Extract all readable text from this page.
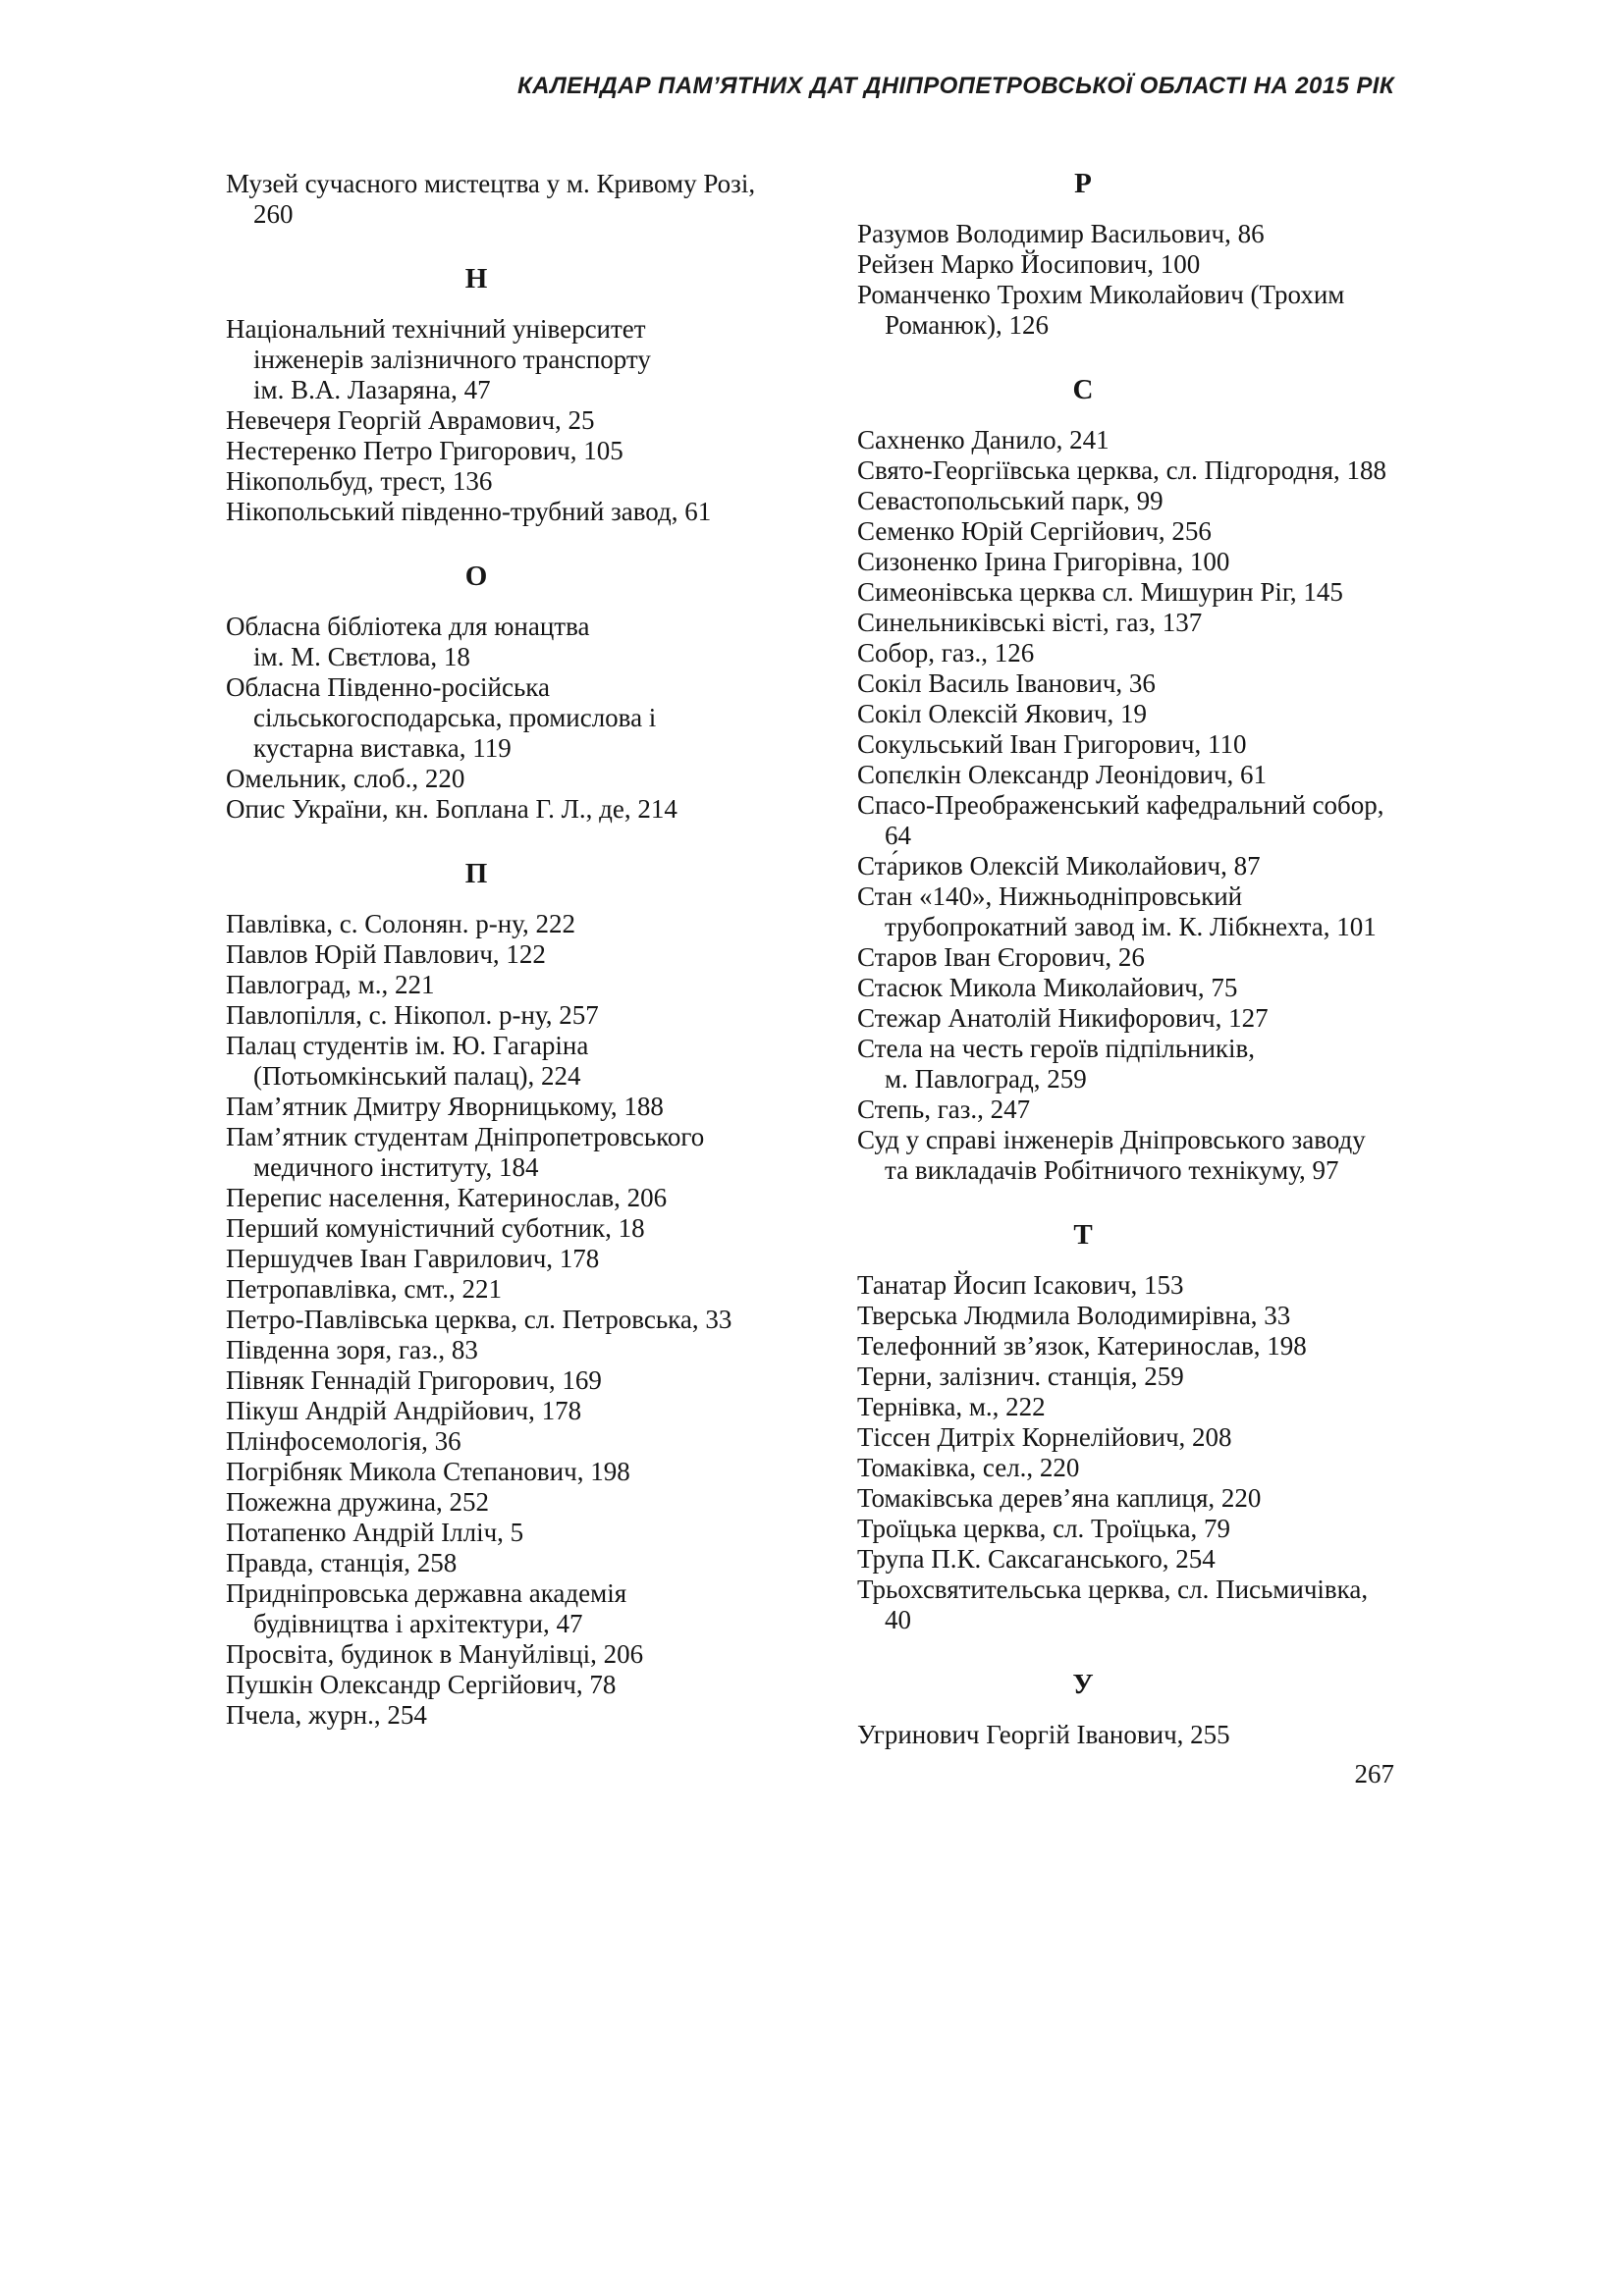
КАЛЕНДАР ПАМ’ЯТНИХ ДАТ ДНІПРОПЕТРОВСЬКОЇ ОБЛАСТІ НА 2015 РІК
Музей сучасного мистецтва у м. Кривому Розі,
260
Н
Національний технічний університет
інженерів залізничного транспорту
ім. В.А. Лазаряна, 47
Невечеря Георгій Аврамович, 25
Нестеренко Петро Григорович, 105
Нікопольбуд, трест, 136
Нікопольський південно-трубний завод, 61
О
Обласна бібліотека для юнацтва
ім. М. Свєтлова, 18
Обласна Південно-російська
сільськогосподарська, промислова і
кустарна виставка, 119
Омельник, слоб., 220
Опис України, кн. Боплана Г. Л., де, 214
П
Павлівка, с. Солонян. р-ну, 222
Павлов Юрій Павлович, 122
Павлоград, м., 221
Павлопілля, с. Нікопол. р-ну, 257
Палац студентів ім. Ю. Гагаріна
(Потьомкінський палац), 224
Пам’ятник Дмитру Яворницькому, 188
Пам’ятник студентам Дніпропетровського
медичного інституту, 184
Перепис населення, Катеринослав, 206
Перший комуністичний суботник, 18
Першудчев Іван Гаврилович, 178
Петропавлівка, смт., 221
Петро-Павлівська церква, сл. Петровська, 33
Південна зоря, газ., 83
Півняк Геннадій Григорович, 169
Пікуш Андрій Андрійович, 178
Плінфосемологія, 36
Погрібняк Микола Степанович, 198
Пожежна дружина, 252
Потапенко Андрій Ілліч, 5
Правда, станція, 258
Придніпровська державна академія
будівництва і архітектури, 47
Просвіта, будинок в Мануйлівці, 206
Пушкін Олександр Сергійович, 78
Пчела, журн., 254
Р
Разумов Володимир Васильович, 86
Рейзен Марко Йосипович, 100
Романченко Трохим Миколайович (Трохим
Романюк), 126
С
Сахненко Данило, 241
Свято-Георгіївська церква, сл. Підгородня, 188
Севастопольський парк, 99
Семенко Юрій Сергійович, 256
Сизоненко Ірина Григорівна, 100
Симеонівська церква сл. Мишурин Ріг, 145
Синельниківські вісті, газ, 137
Собор, газ., 126
Сокіл Василь Іванович, 36
Сокіл Олексій Якович, 19
Сокульський Іван Григорович, 110
Сопєлкін Олександр Леонідович, 61
Спасо-Преображенський кафедральний собор,
64
Ста́риков Олексій Миколайович, 87
Стан «140», Нижньодніпровський
трубопрокатний завод ім. К. Лібкнехта, 101
Старов Іван Єгорович, 26
Стасюк Микола Миколайович, 75
Стежар Анатолій Никифорович, 127
Стела на честь героїв підпільників,
м. Павлоград, 259
Степь, газ., 247
Суд у справі інженерів Дніпровського заводу
та викладачів Робітничого технікуму, 97
Т
Танатар Йосип Ісакович, 153
Тверська Людмила Володимирівна, 33
Телефонний зв’язок, Катеринослав, 198
Терни, залізнич. станція, 259
Тернівка, м., 222
Тіссен Дитріх Корнелійович, 208
Томаківка, сел., 220
Томаківська дерев’яна каплиця, 220
Троїцька церква, сл. Троїцька, 79
Трупа П.К. Саксаганського, 254
Трьохсвятительська церква, сл. Письмичівка,
40
У
Угринович Георгій Іванович, 255
267
